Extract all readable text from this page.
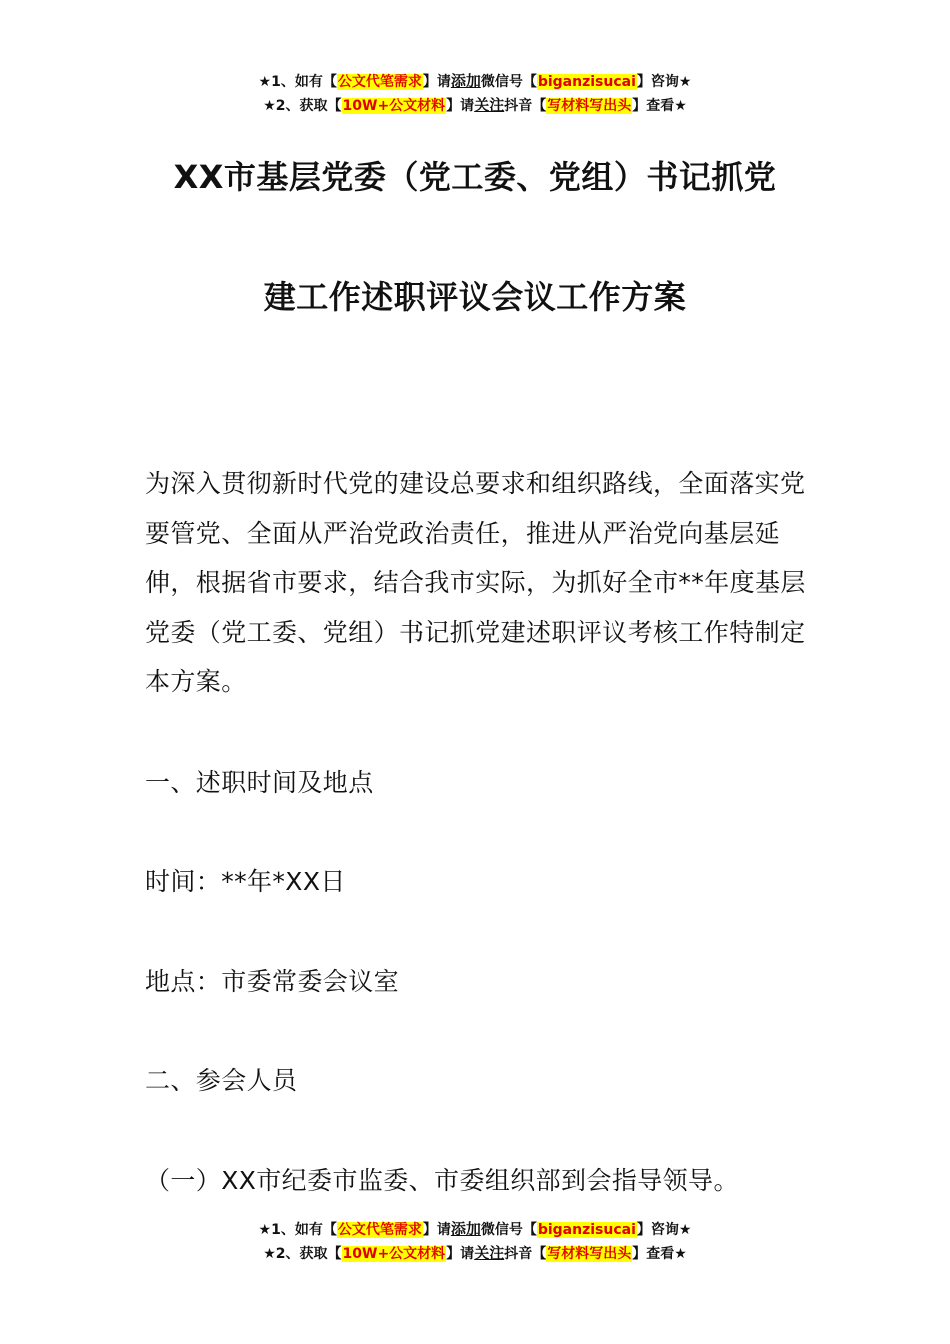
★1、如有【公文代笔需求】请添加微信号【biganzisucai】咨询★
★2、获取【10W+公文材料】请关注抖音【写材料写出头】查看★
XX市基层党委（党工委、党组）书记抓党
建工作述职评议会议工作方案
为深入贯彻新时代党的建设总要求和组织路线，全面落实党要管党、全面从严治党政治责任，推进从严治党向基层延伸，根据省市要求，结合我市实际，为抓好全市**年度基层党委（党工委、党组）书记抓党建述职评议考核工作特制定本方案。
一、述职时间及地点
时间：**年*XX日
地点：市委常委会议室
二、参会人员
（一）XX市纪委市监委、市委组织部到会指导领导。
★1、如有【公文代笔需求】请添加微信号【biganzisucai】咨询★
★2、获取【10W+公文材料】请关注抖音【写材料写出头】查看★
